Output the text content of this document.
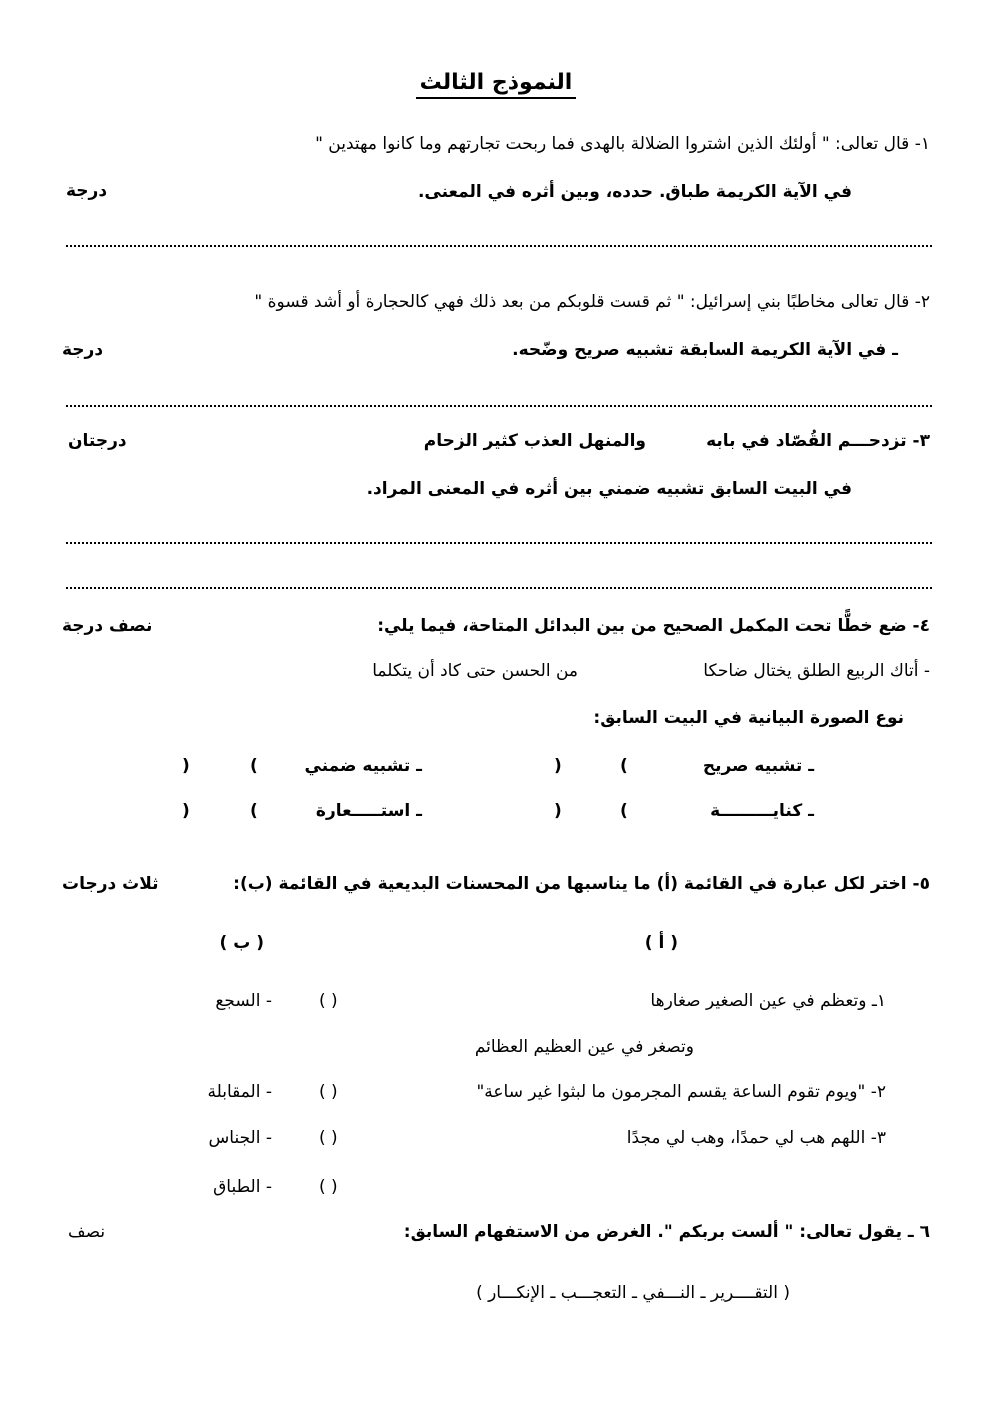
النموذج الثالث
١- قال تعالى: " أولئك الذين اشتروا الضلالة بالهدى فما ربحت تجارتهم وما كانوا مهتدين "
في الآية الكريمة طباق. حدده، وبين أثره في المعنى.
درجة
٢- قال تعالى مخاطبًا بني إسرائيل: " ثم قست قلوبكم من بعد ذلك فهي كالحجارة أو أشد قسوة "
ـ في الآية الكريمة السابقة تشبيه صريح وضّحه.
درجة
٣- تزدحـــم القُصّاد في بابه
والمنهل العذب كثير الزحام
درجتان
في البيت السابق تشبيه ضمني بين أثره في المعنى المراد.
٤- ضع خطًّا تحت المكمل الصحيح من بين البدائل المتاحة، فيما يلي:
نصف درجة
- أتاك الربيع الطلق يختال ضاحكا
من الحسن حتى كاد أن يتكلما
نوع الصورة البيانية في البيت السابق:
ـ تشبيه صريح
(
)
ـ تشبيه ضمني
(
)
ـ كنايـــــــــة
(
)
ـ استـــــعارة
(
)
٥- اختر لكل عبارة في القائمة (أ) ما يناسبها من المحسنات البديعية في القائمة (ب):
ثلاث درجات
( أ )
( ب )
١ـ وتعظم في عين الصغير صغارها
( )
- السجع
وتصغر في عين العظيم العظائم
٢- "ويوم تقوم الساعة يقسم المجرمون ما لبثوا غير ساعة"
( )
- المقابلة
٣- اللهم هب لي حمدًا، وهب لي مجدًا
( )
- الجناس
( )
- الطباق
٦ ـ يقول تعالى: " ألست بربكم ". الغرض من الاستفهام السابق:
نصف
( التقــــرير ـ النـــفي ـ التعجـــب ـ الإنكـــار )
